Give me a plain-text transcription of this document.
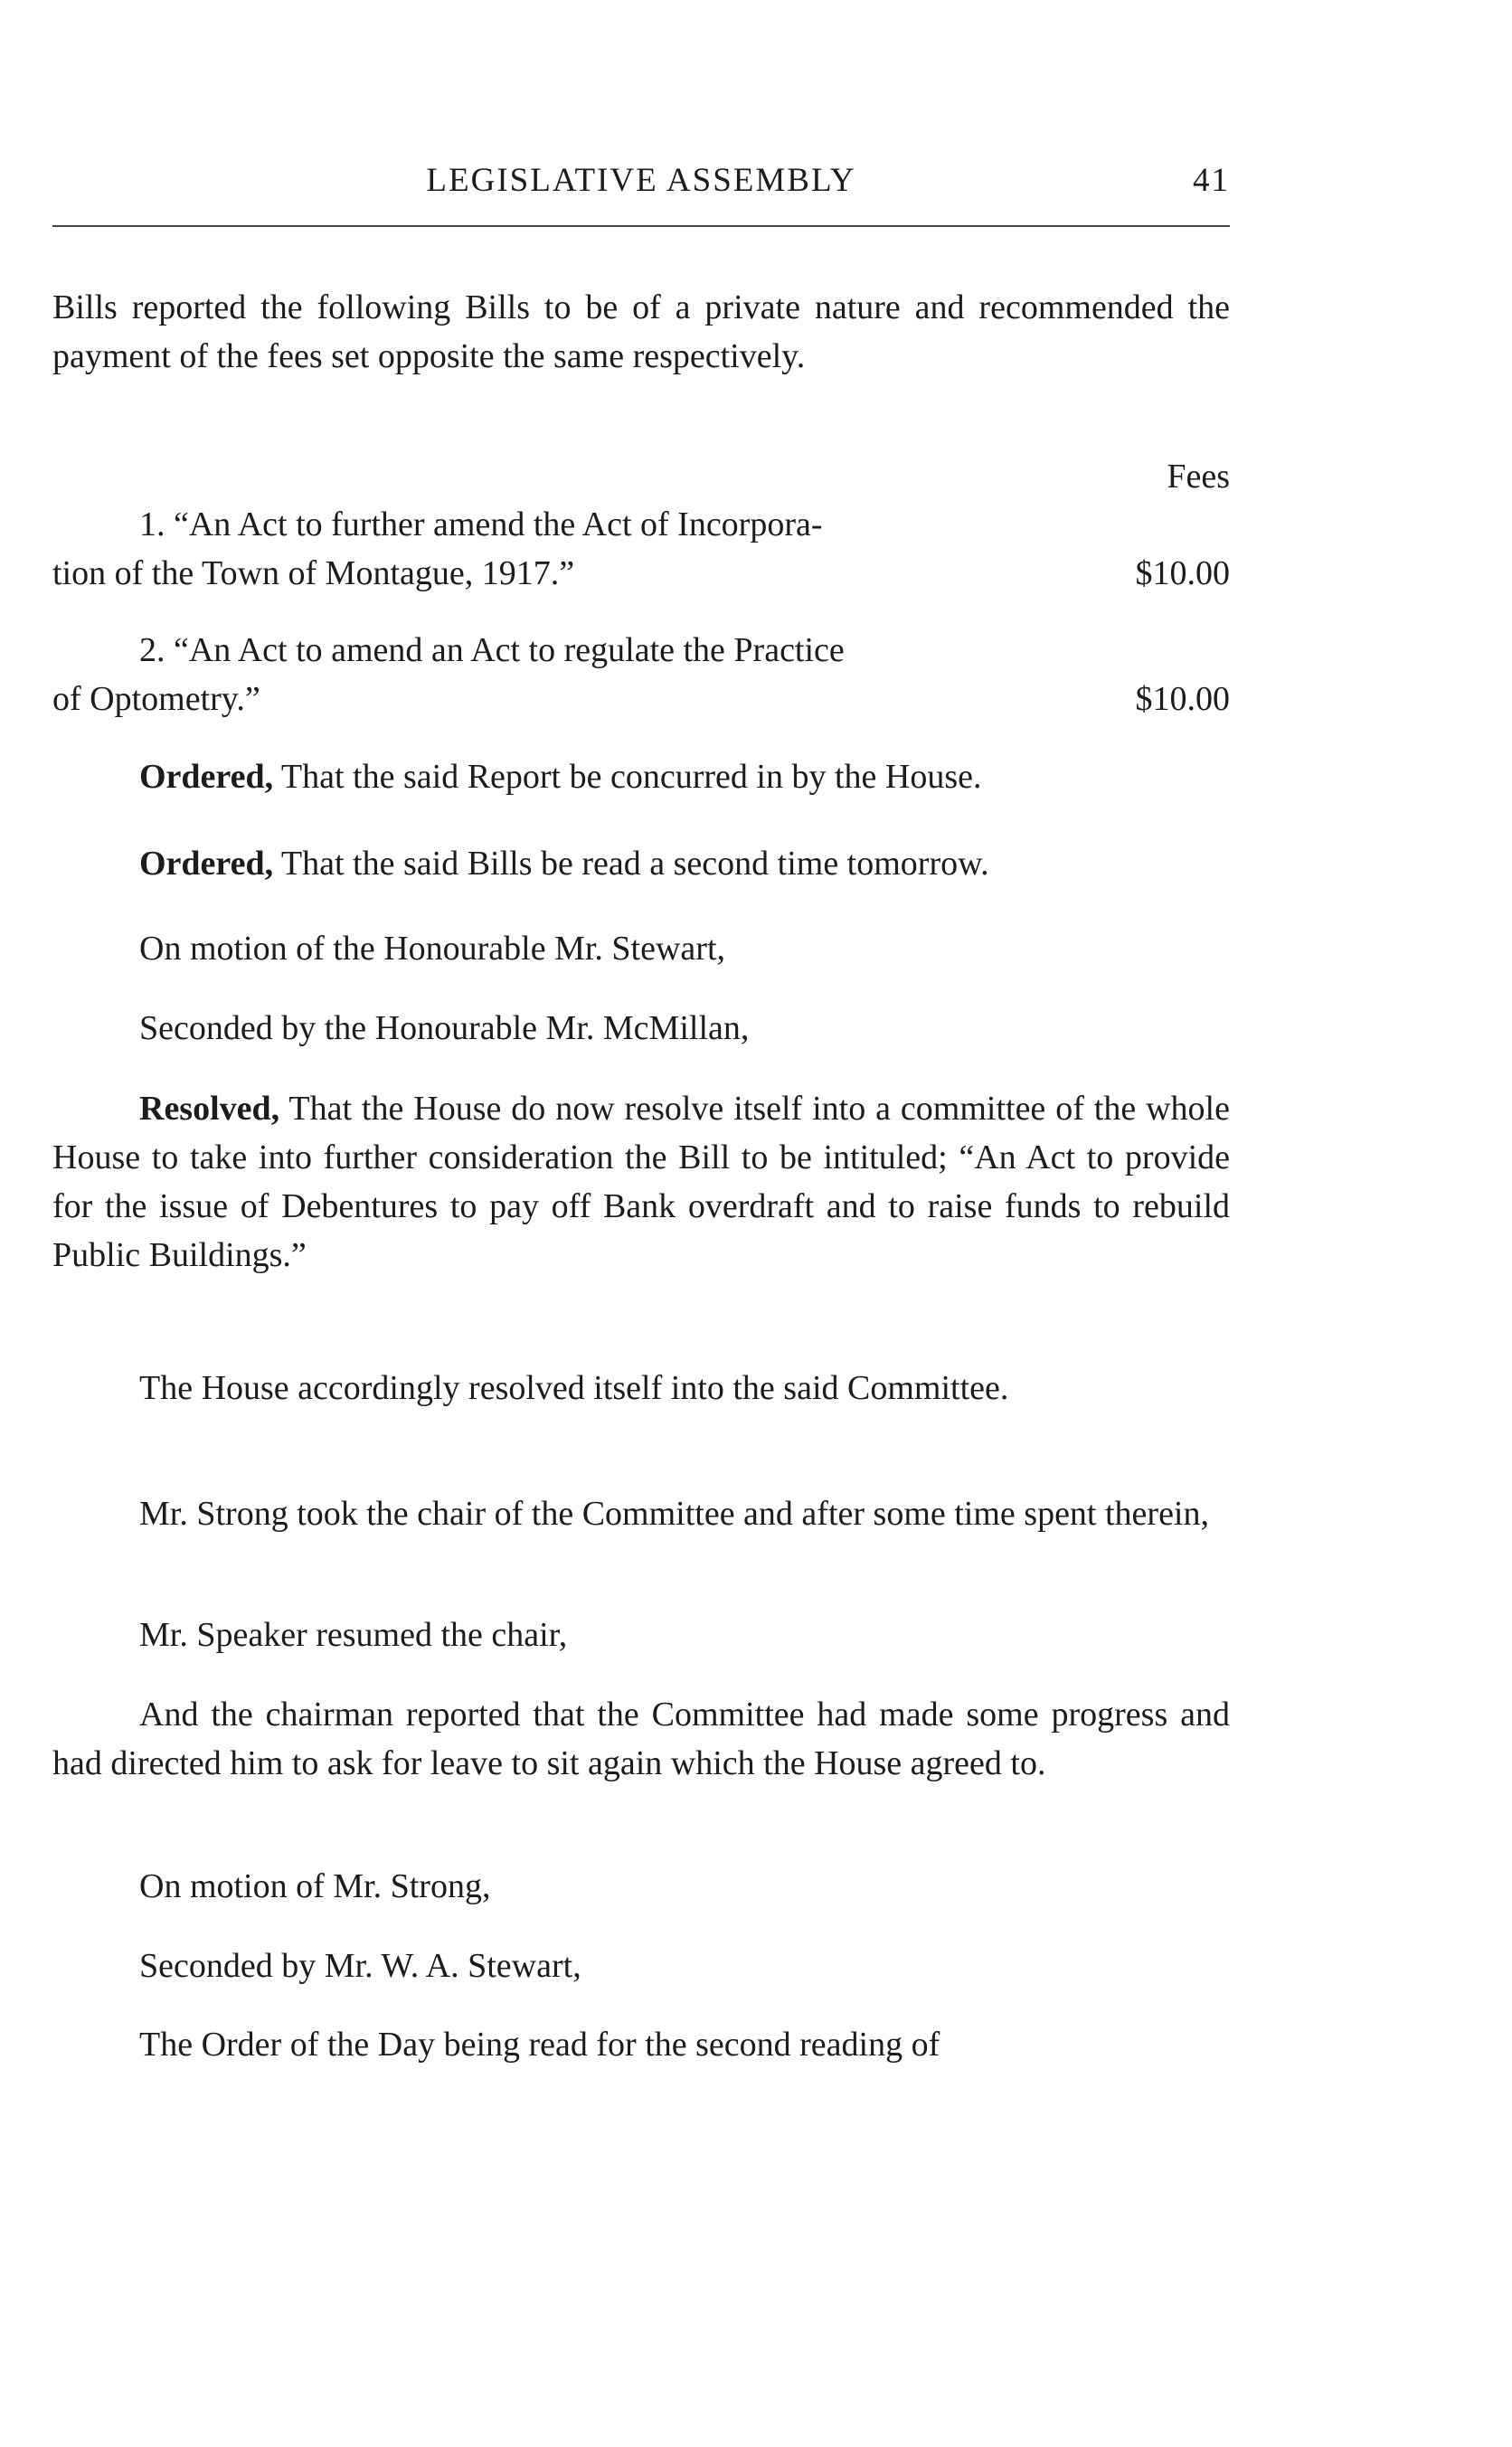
LEGISLATIVE ASSEMBLY	41
Bills reported the following Bills to be of a private nature and recommended the payment of the fees set opposite the same respectively.
Fees
1. “An Act to further amend the Act of Incorpora-
tion of the Town of Montague, 1917.”	$10.00
2. “An Act to amend an Act to regulate the Practice
of Optometry.”	$10.00
Ordered, That the said Report be concurred in by the House.
Ordered, That the said Bills be read a second time tomorrow.
On motion of the Honourable Mr. Stewart,
Seconded by the Honourable Mr. McMillan,
Resolved, That the House do now resolve itself into a committee of the whole House to take into further consideration the Bill to be intituled; “An Act to provide for the issue of Debentures to pay off Bank overdraft and to raise funds to rebuild Public Buildings.”
The House accordingly resolved itself into the said Committee.
Mr. Strong took the chair of the Committee and after some time spent therein,
Mr. Speaker resumed the chair,
And the chairman reported that the Committee had made some progress and had directed him to ask for leave to sit again which the House agreed to.
On motion of Mr. Strong,
Seconded by Mr. W. A. Stewart,
The Order of the Day being read for the second reading of
